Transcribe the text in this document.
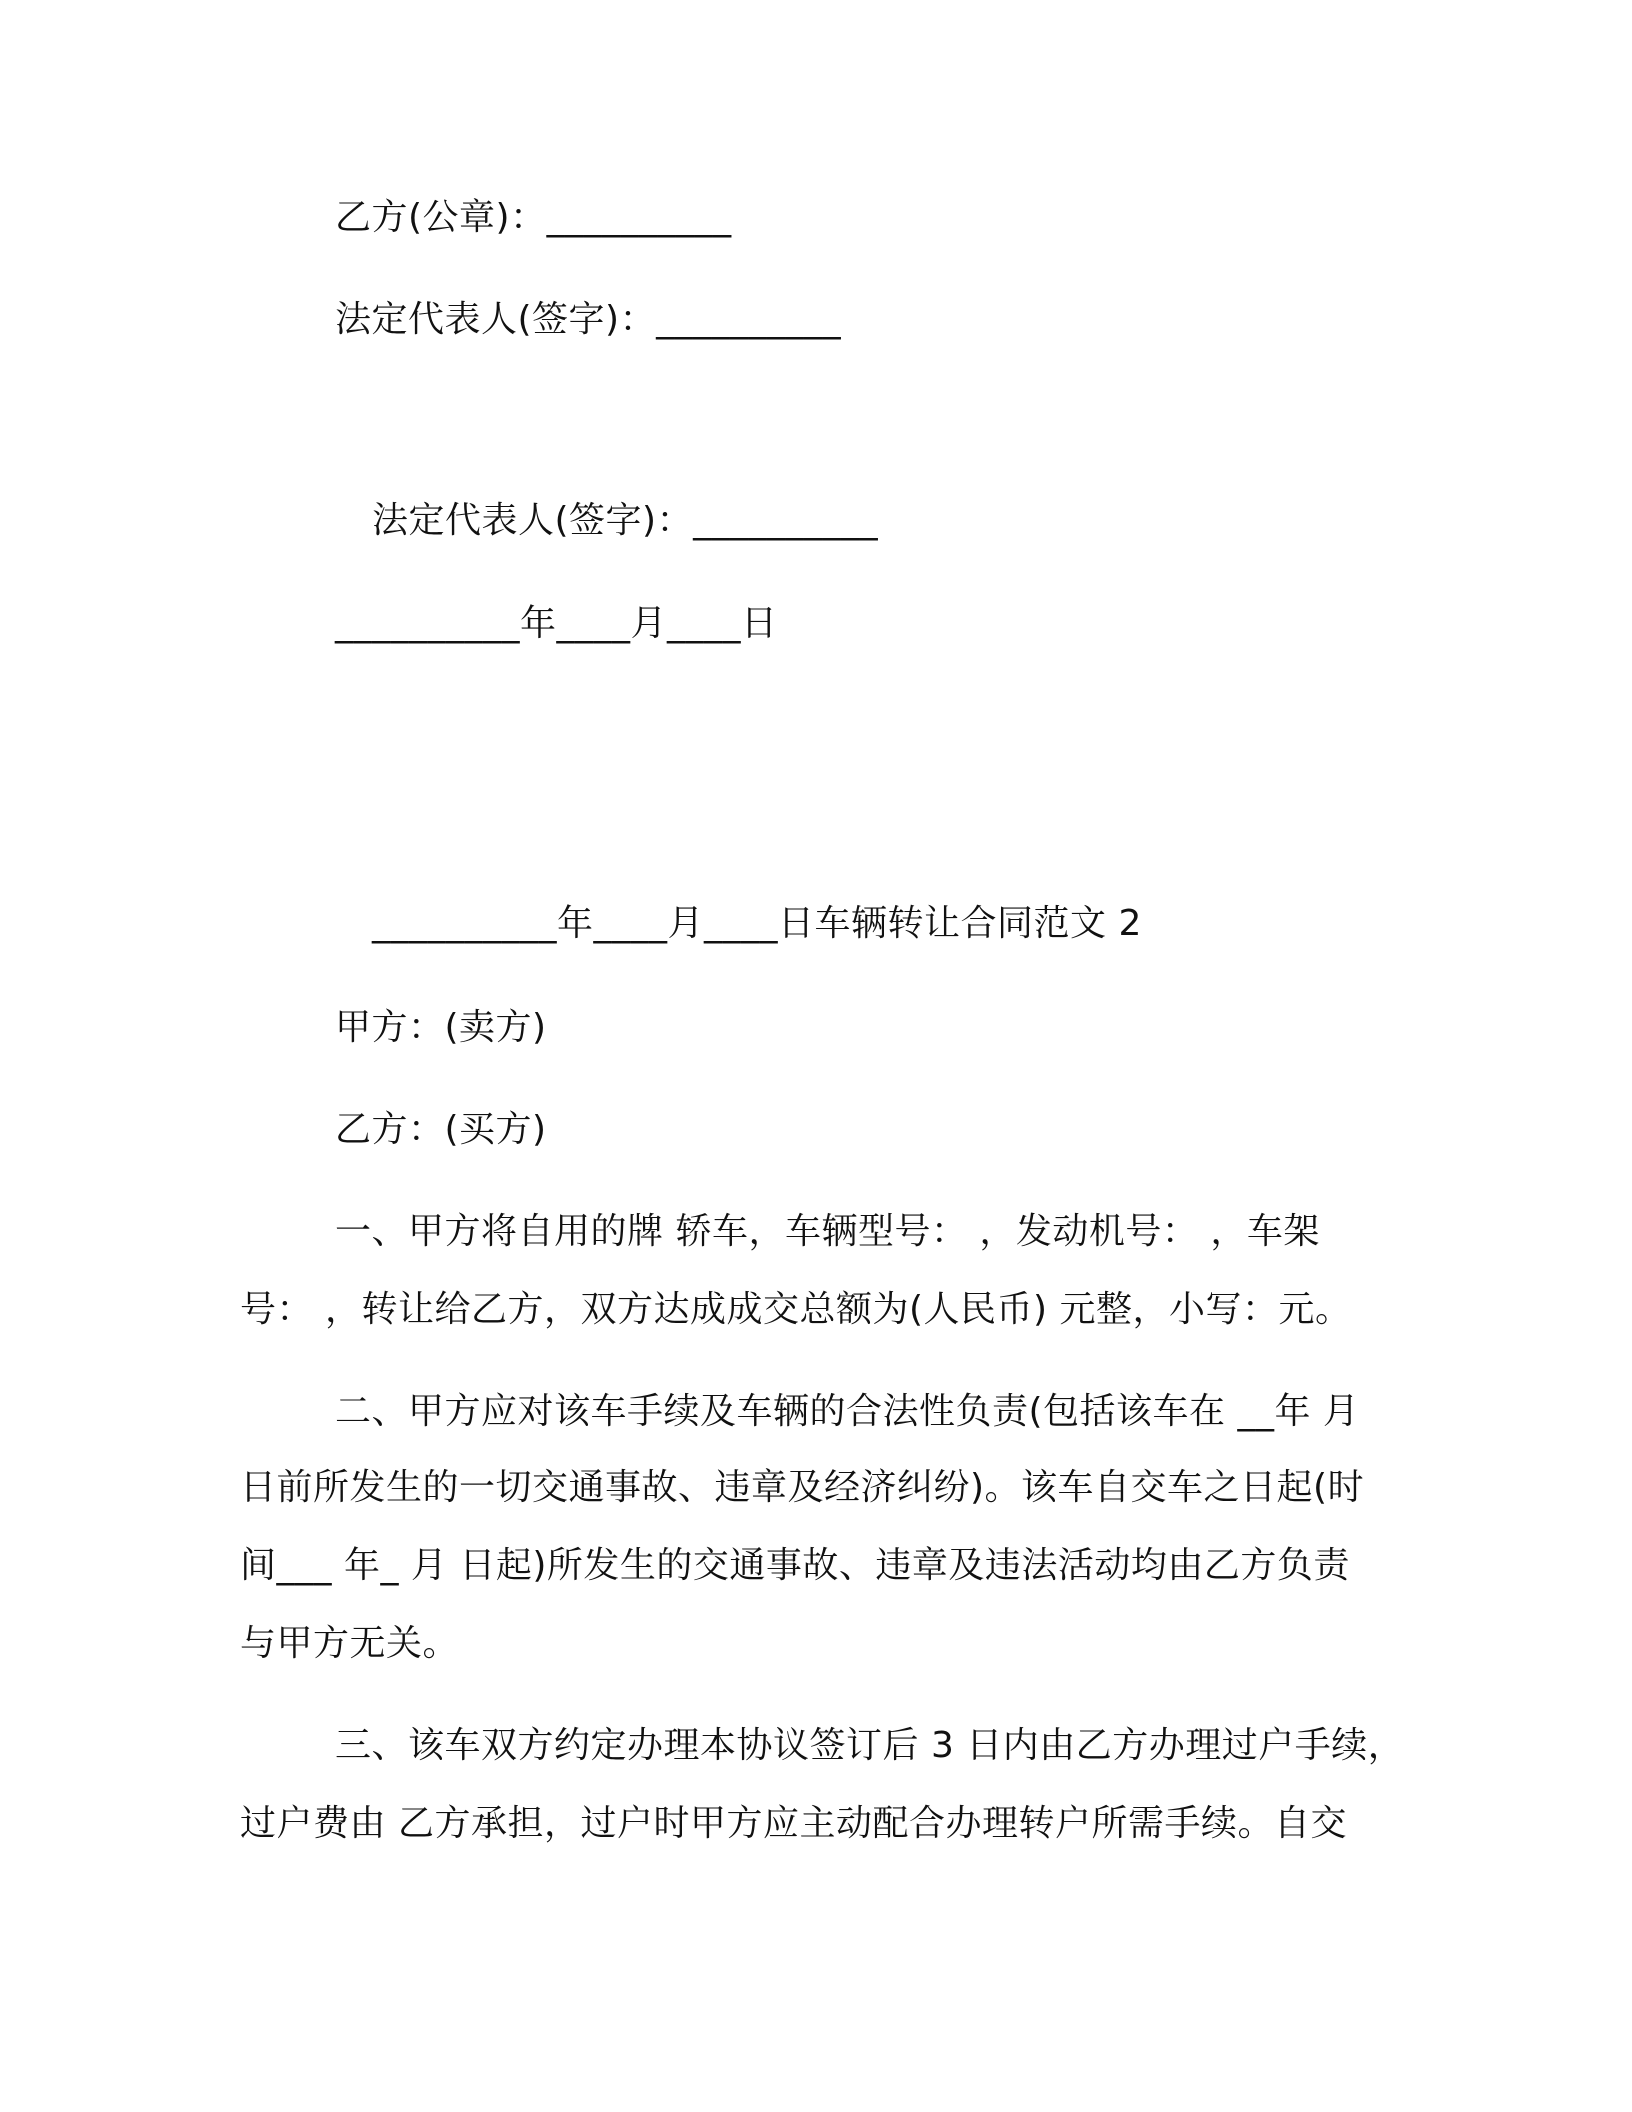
乙方(公章)：__________
法定代表人(签字)：__________
法定代表人(签字)：__________
__________年____月____日
__________年____月____日车辆转让合同范文 2
甲方：(卖方)
乙方：(买方)
一、甲方将自用的牌 轿车，车辆型号： ，发动机号： ，车架
号： ，转让给乙方，双方达成成交总额为(人民币) 元整，小写：元。
二、甲方应对该车手续及车辆的合法性负责(包括该车在 __年 月
日前所发生的一切交通事故、违章及经济纠纷)。该车自交车之日起(时
间___ 年_ 月 日起)所发生的交通事故、违章及违法活动均由乙方负责
与甲方无关。
三、该车双方约定办理本协议签订后 3 日内由乙方办理过户手续，
过户费由 乙方承担，过户时甲方应主动配合办理转户所需手续。自交
